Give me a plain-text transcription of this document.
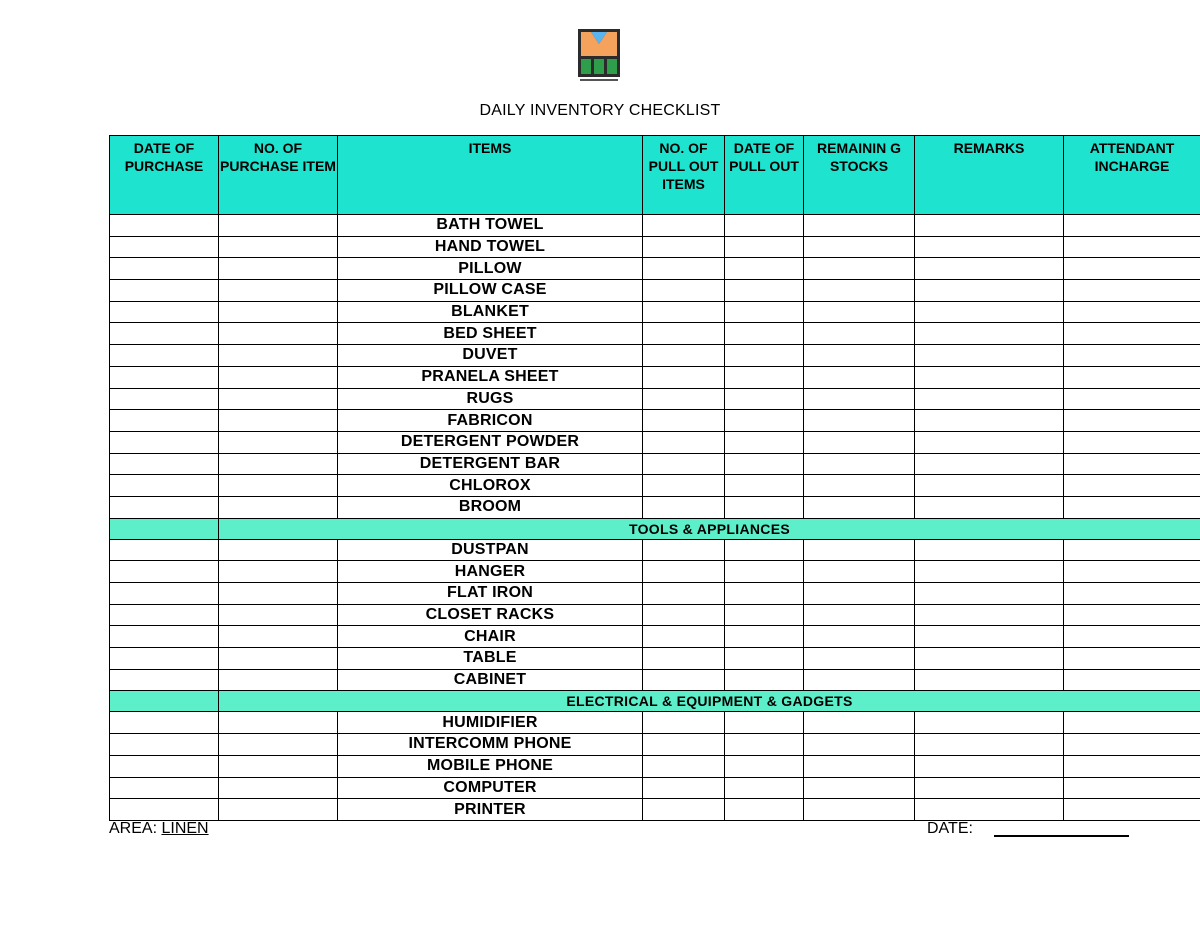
DAILY INVENTORY CHECKLIST
DATE OF PURCHASE	NO. OF PURCHASE ITEM	ITEMS	NO. OF PULL OUT ITEMS	DATE OF PULL OUT	REMAININ G STOCKS	REMARKS	ATTENDANT INCHARGE
		BATH TOWEL					
		HAND TOWEL					
		PILLOW					
		PILLOW CASE					
		BLANKET					
		BED SHEET					
		DUVET					
		PRANELA SHEET					
		RUGS					
		FABRICON					
		DETERGENT POWDER					
		DETERGENT BAR					
		CHLOROX					
		BROOM					
	TOOLS & APPLIANCES						
		DUSTPAN					
		HANGER					
		FLAT IRON					
		CLOSET RACKS					
		CHAIR					
		TABLE					
		CABINET					
	ELECTRICAL & EQUIPMENT & GADGETS						
		HUMIDIFIER					
		INTERCOMM PHONE					
		MOBILE PHONE					
		COMPUTER					
		PRINTER					
AREA: LINEN	DATE:
